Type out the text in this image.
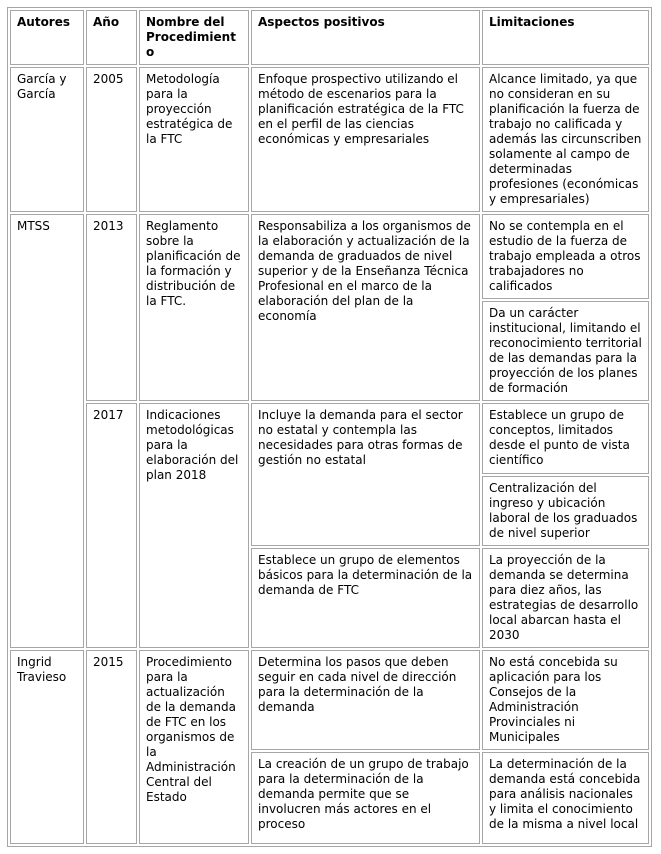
Autores	Año	Nombre del Procedimiento	Aspectos positivos	Limitaciones
García y García	2005	Metodología para la proyección estratégica de la FTC	Enfoque prospectivo utilizando el método de escenarios para la planificación estratégica de la FTC en el perfil de las ciencias económicas y empresariales	Alcance limitado, ya que no consideran en su planificación la fuerza de trabajo no calificada y además las circunscriben solamente al campo de determinadas profesiones (económicas y empresariales)
MTSS	2013	Reglamento sobre la planificación de la formación y distribución de la FTC.	Responsabiliza a los organismos de la elaboración y actualización de la demanda de graduados de nivel superior y de la Enseñanza Técnica Profesional en el marco de la elaboración del plan de la economía	No se contempla en el estudio de la fuerza de trabajo empleada a otros trabajadores no calificados
				Da un carácter institucional, limitando el reconocimiento territorial de las demandas para la proyección de los planes de formación
	2017	Indicaciones metodológicas para la elaboración del plan 2018	Incluye la demanda para el sector no estatal y contempla las necesidades para otras formas de gestión no estatal	Establece un grupo de conceptos, limitados desde el punto de vista científico
				Centralización del ingreso y ubicación laboral de los graduados de nivel superior
			Establece un grupo de elementos básicos para la determinación de la demanda de FTC	La proyección de la demanda se determina para diez años, las estrategias de desarrollo local abarcan hasta el 2030
Ingrid Travieso	2015	Procedimiento para la actualización de la demanda de FTC en los organismos de la Administración Central del Estado	Determina los pasos que deben seguir en cada nivel de dirección para la determinación de la demanda	No está concebida su aplicación para los Consejos de la Administración Provinciales ni Municipales
			La creación de un grupo de trabajo para la determinación de la demanda permite que se involucren más actores en el proceso	La determinación de la demanda está concebida para análisis nacionales y limita el conocimiento de la misma a nivel local
